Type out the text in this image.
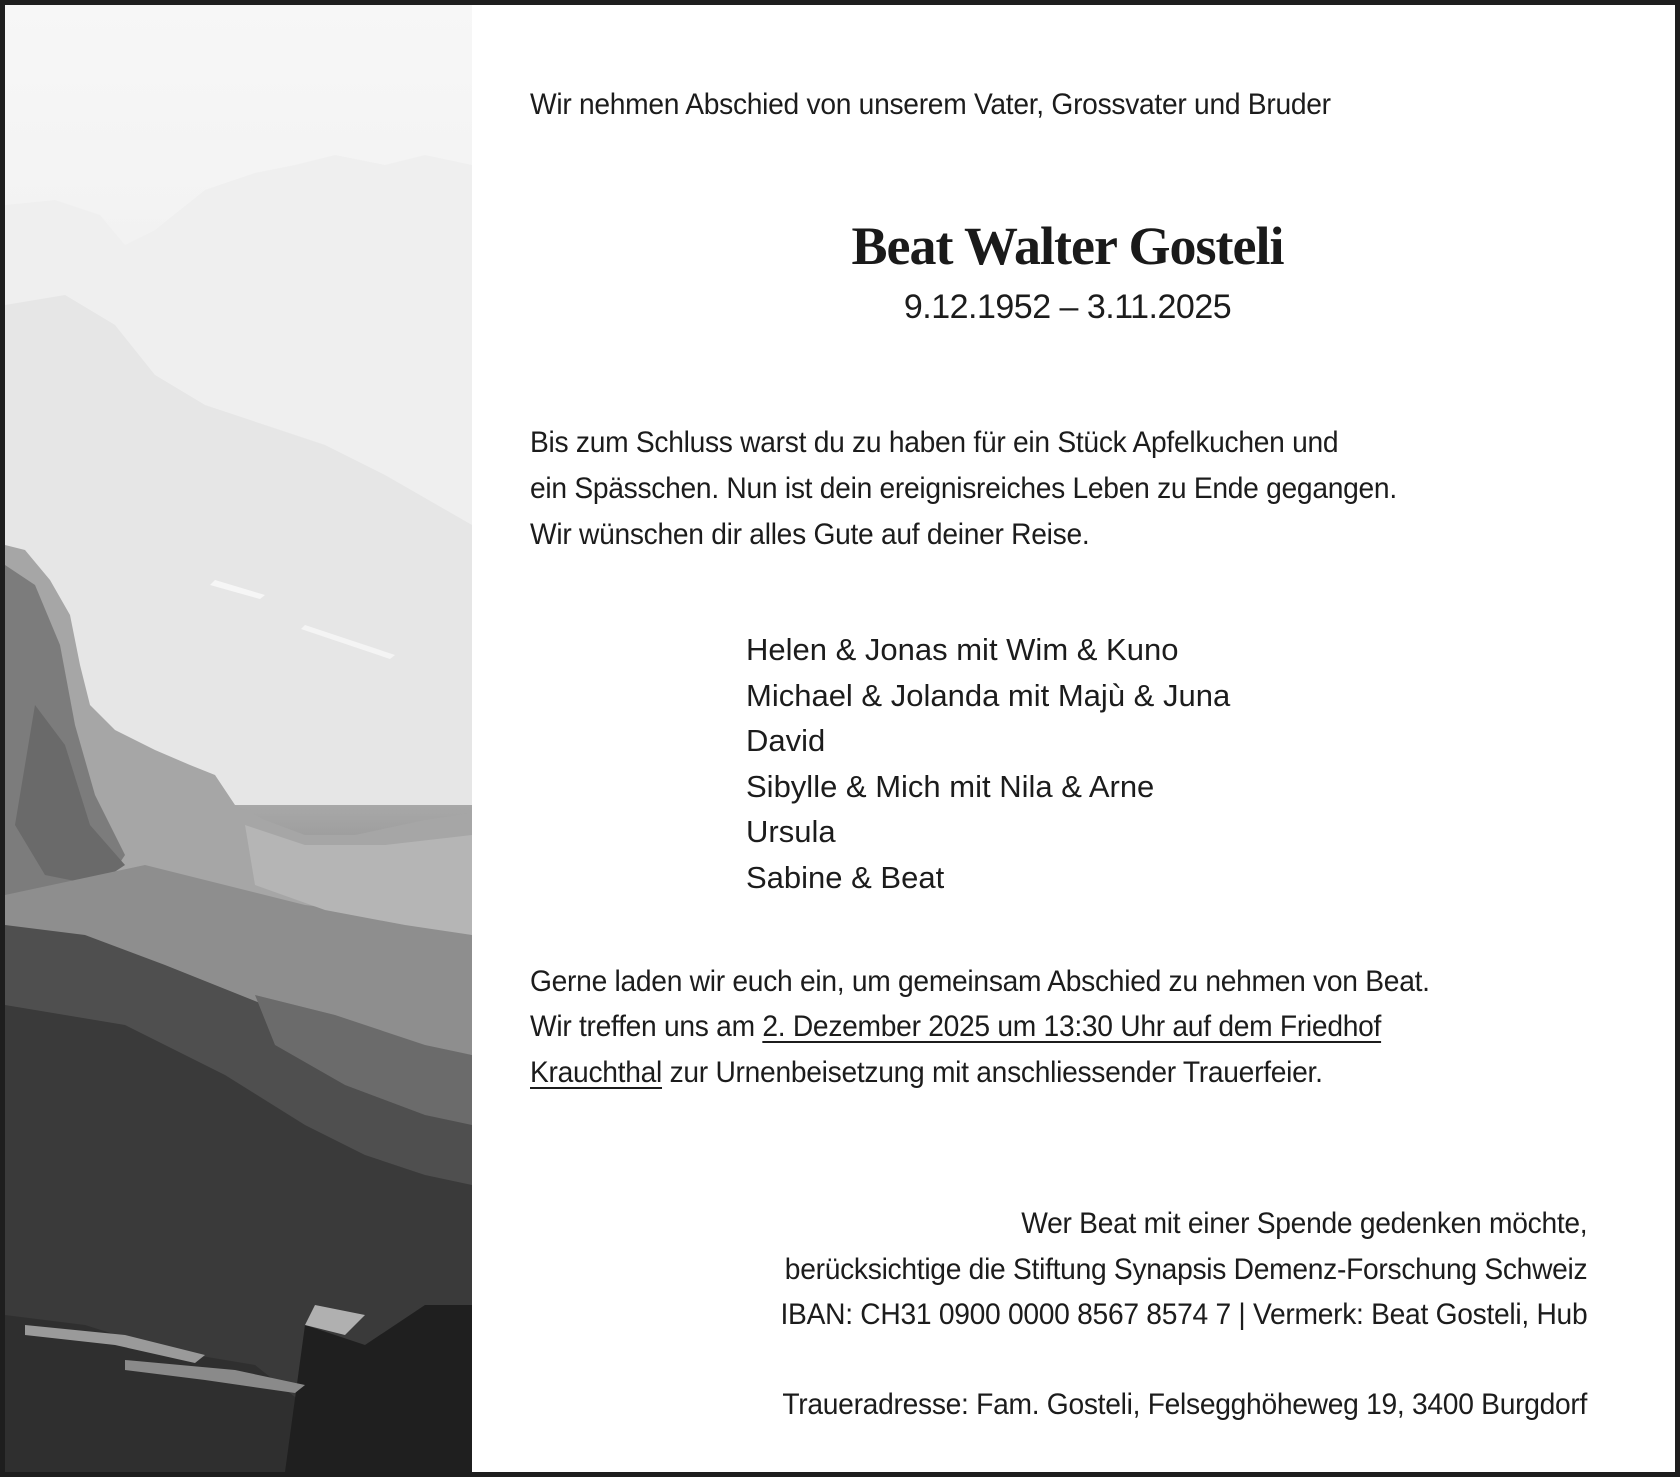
Wir nehmen Abschied von unserem Vater, Grossvater und Bruder
Beat Walter Gosteli
9.12.1952 – 3.11.2025
Bis zum Schluss warst du zu haben für ein Stück Apfelkuchen und
ein Spässchen. Nun ist dein ereignisreiches Leben zu Ende gegangen.
Wir wünschen dir alles Gute auf deiner Reise.
Helen & Jonas mit Wim & Kuno
Michael & Jolanda mit Majù & Juna
David
Sibylle & Mich mit Nila & Arne
Ursula
Sabine & Beat
Gerne laden wir euch ein, um gemeinsam Abschied zu nehmen von Beat.
Wir treffen uns am 2. Dezember 2025 um 13:30 Uhr auf dem Friedhof
Krauchthal zur Urnenbeisetzung mit anschliessender Trauerfeier.
Wer Beat mit einer Spende gedenken möchte,
berücksichtige die Stiftung Synapsis Demenz-Forschung Schweiz
IBAN: CH31 0900 0000 8567 8574 7 | Vermerk: Beat Gosteli, Hub
Traueradresse: Fam. Gosteli, Felsegghöheweg 19, 3400 Burgdorf
